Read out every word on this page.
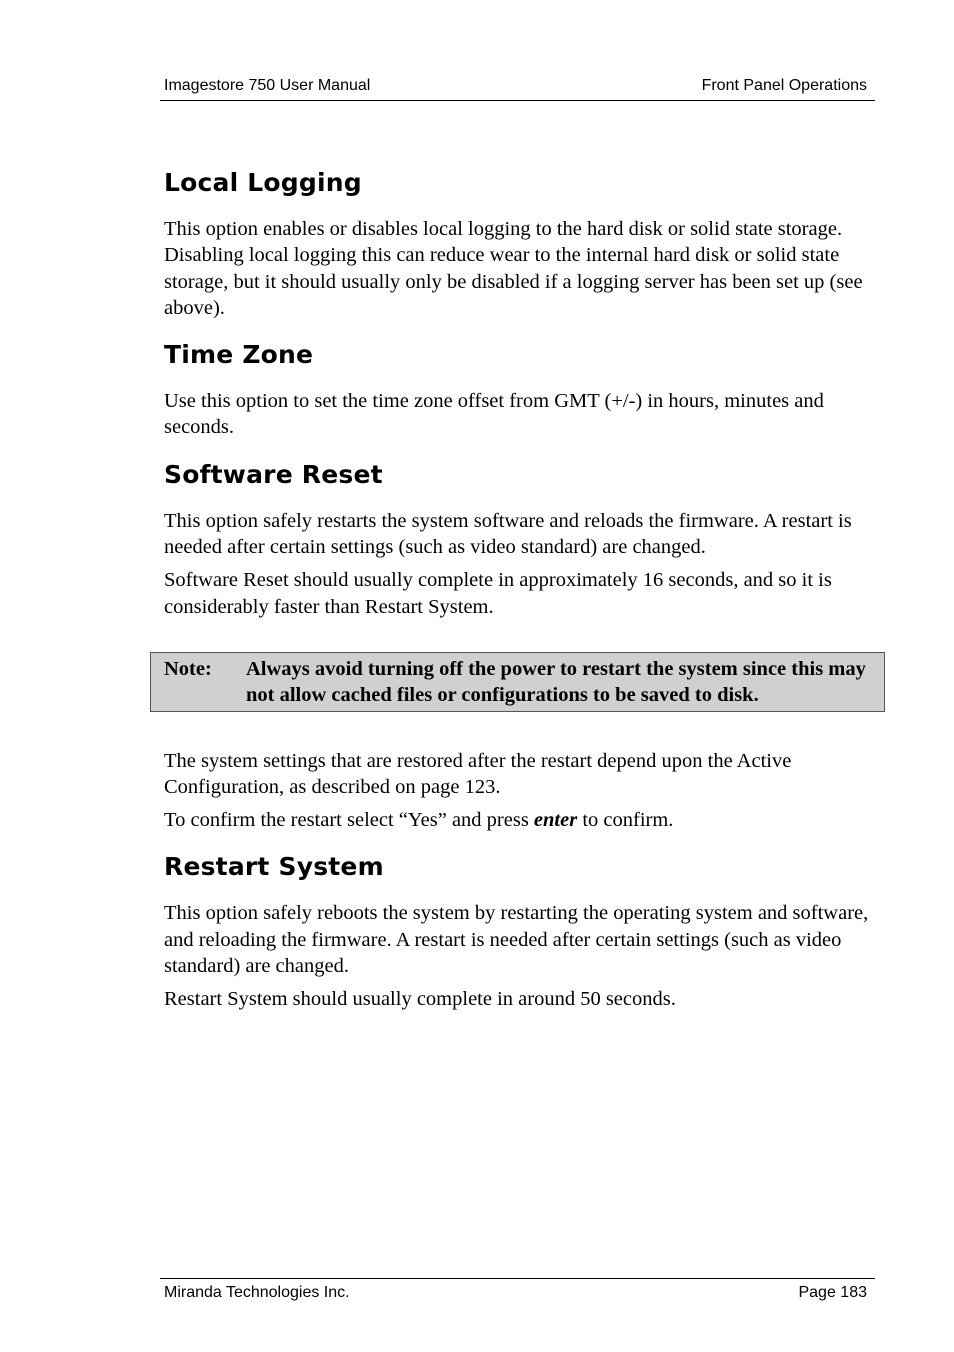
Imagestore 750 User Manual	Front Panel Operations
Local Logging

This option enables or disables local logging to the hard disk or solid state storage. Disabling local logging this can reduce wear to the internal hard disk or solid state storage, but it should usually only be disabled if a logging server has been set up (see above).

Time Zone

Use this option to set the time zone offset from GMT (+/-) in hours, minutes and seconds.

Software Reset

This option safely restarts the system software and reloads the firmware. A restart is needed after certain settings (such as video standard) are changed.

Software Reset should usually complete in approximately 16 seconds, and so it is considerably faster than Restart System.

Note:	Always avoid turning off the power to restart the system since this may not allow cached files or configurations to be saved to disk.

The system settings that are restored after the restart depend upon the Active Configuration, as described on page 123.

To confirm the restart select “Yes” and press enter to confirm.

Restart System

This option safely reboots the system by restarting the operating system and software, and reloading the firmware. A restart is needed after certain settings (such as video standard) are changed.

Restart System should usually complete in around 50 seconds.

Miranda Technologies Inc.	Page 183
